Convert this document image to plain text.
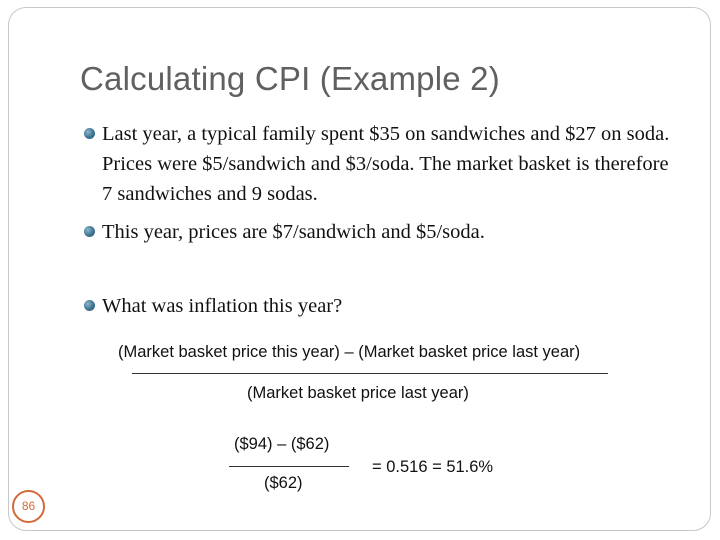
Calculating CPI (Example 2)
Last year, a typical family spent $35 on sandwiches and $27 on soda. Prices were $5/sandwich and $3/soda. The market basket is therefore 7 sandwiches and 9 sodas.
This year, prices are $7/sandwich and $5/soda.
What was inflation this year?
(Market basket price this year) – (Market basket price last year)
(Market basket price last year)
($94) – ($62)
($62)
= 0.516 = 51.6%
86
